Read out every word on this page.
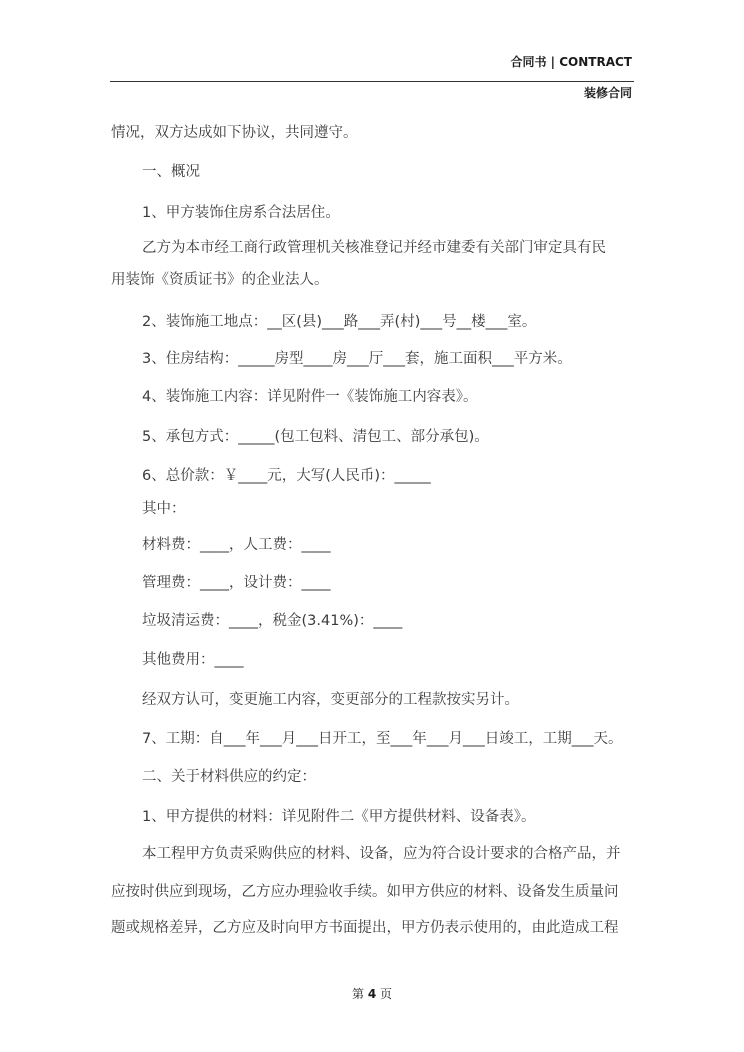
合同书 | CONTRACT
装修合同
情况，双方达成如下协议，共同遵守。
一、概况
1、甲方装饰住房系合法居住。
乙方为本市经工商行政管理机关核准登记并经市建委有关部门审定具有民
用装饰《资质证书》的企业法人。
2、装饰施工地点：__区(县)___路___弄(村)___号__楼___室。
3、住房结构：_____房型____房___厅___套，施工面积___平方米。
4、装饰施工内容：详见附件一《装饰施工内容表》。
5、承包方式：_____(包工包料、清包工、部分承包)。
6、总价款：￥____元，大写(人民币)：_____
其中：
材料费：____，人工费：____
管理费：____，设计费：____
垃圾清运费：____，税金(3.41%)：____
其他费用：____
经双方认可，变更施工内容，变更部分的工程款按实另计。
7、工期：自___年___月___日开工，至___年___月___日竣工，工期___天。
二、关于材料供应的约定：
1、甲方提供的材料：详见附件二《甲方提供材料、设备表》。
本工程甲方负责采购供应的材料、设备，应为符合设计要求的合格产品，并
应按时供应到现场，乙方应办理验收手续。如甲方供应的材料、设备发生质量问
题或规格差异，乙方应及时向甲方书面提出，甲方仍表示使用的，由此造成工程
第 4 页
